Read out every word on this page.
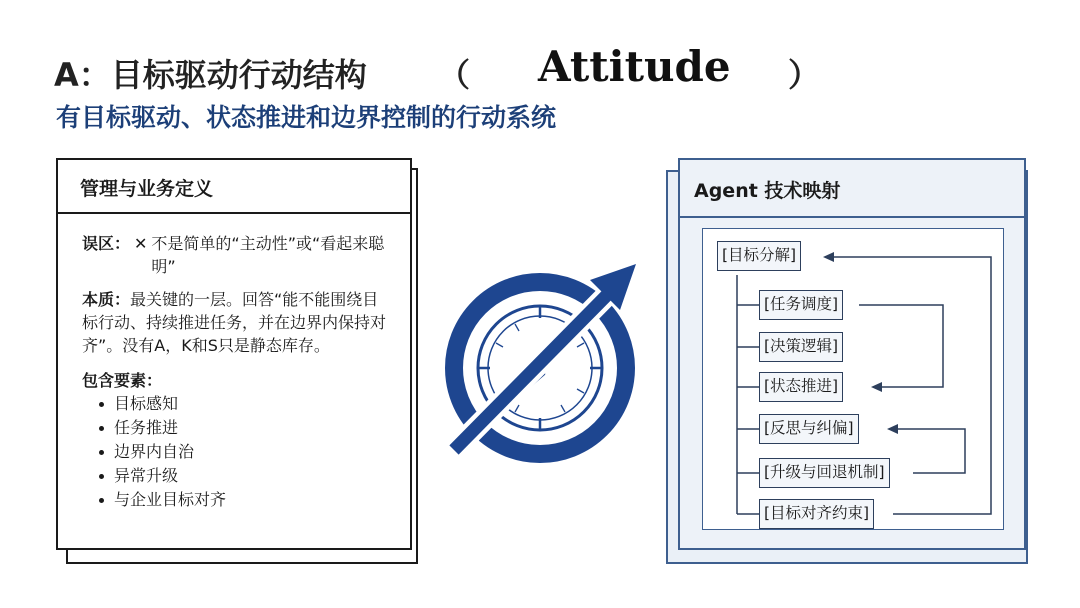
A：目标驱动行动结构 （ Attitude ）
有目标驱动、状态推进和边界控制的行动系统
管理与业务定义
误区： ✕ 不是简单的“主动性”或“看起来聪明”
本质：最关键的一层。回答“能不能围绕目标行动、持续推进任务，并在边界内保持对齐”。没有A，K和S只是静态库存。
包含要素：
目标感知
任务推进
边界内自治
异常升级
与企业目标对齐
Agent 技术映射
[目标分解]
[任务调度]
[决策逻辑]
[状态推进]
[反思与纠偏]
[升级与回退机制]
[目标对齐约束]
